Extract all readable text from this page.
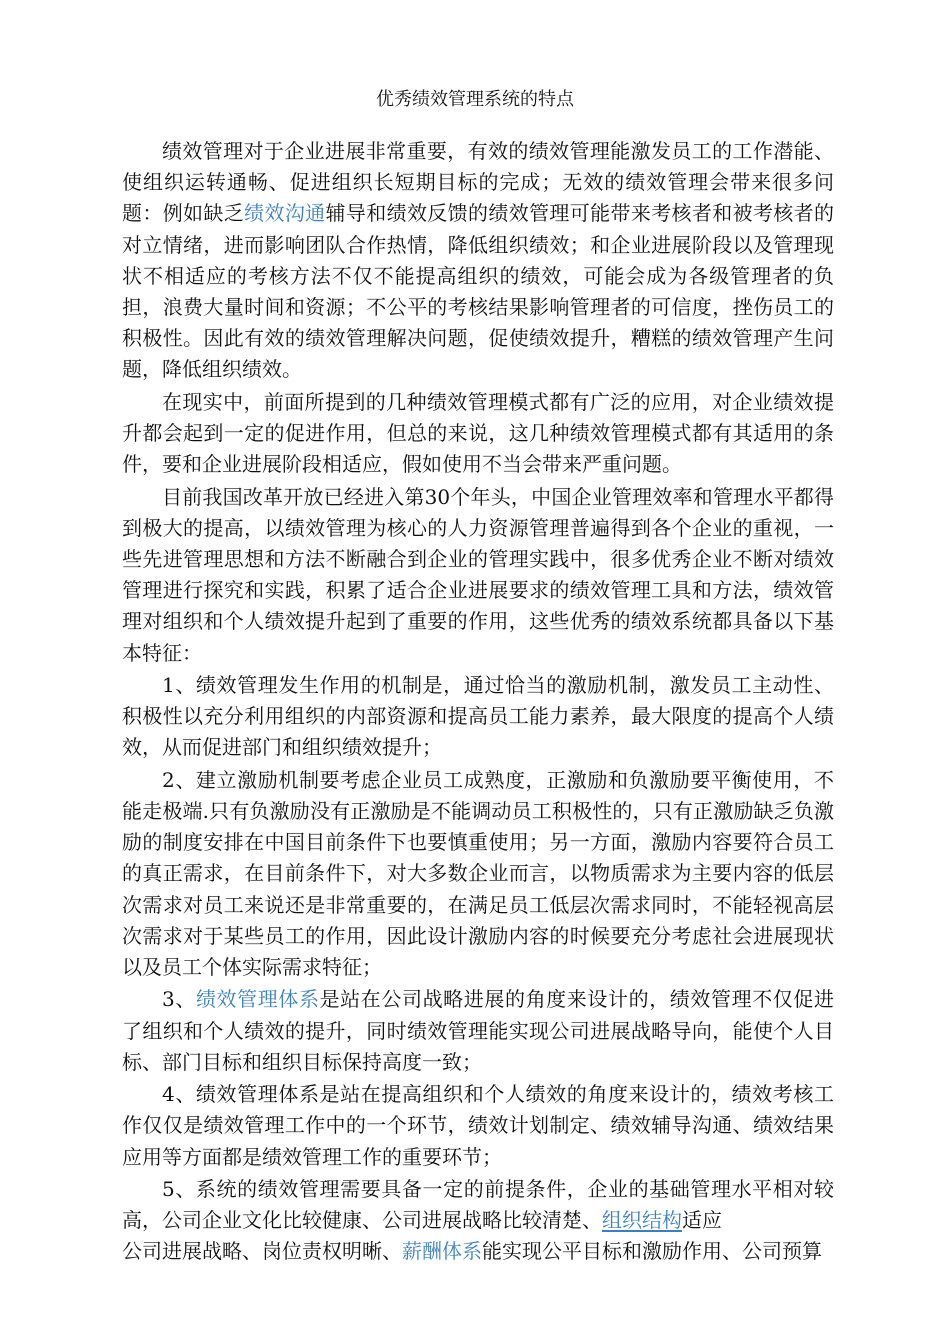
优秀绩效管理系统的特点

绩效管理对于企业进展非常重要，有效的绩效管理能激发员工的工作潜能、使组织运转通畅、促进组织长短期目标的完成；无效的绩效管理会带来很多问题：例如缺乏绩效沟通辅导和绩效反馈的绩效管理可能带来考核者和被考核者的对立情绪，进而影响团队合作热情，降低组织绩效；和企业进展阶段以及管理现状不相适应的考核方法不仅不能提高组织的绩效，可能会成为各级管理者的负担，浪费大量时间和资源；不公平的考核结果影响管理者的可信度，挫伤员工的积极性。因此有效的绩效管理解决问题，促使绩效提升，糟糕的绩效管理产生问题，降低组织绩效。

在现实中，前面所提到的几种绩效管理模式都有广泛的应用，对企业绩效提升都会起到一定的促进作用，但总的来说，这几种绩效管理模式都有其适用的条件，要和企业进展阶段相适应，假如使用不当会带来严重问题。

目前我国改革开放已经进入第30个年头，中国企业管理效率和管理水平都得到极大的提高，以绩效管理为核心的人力资源管理普遍得到各个企业的重视，一些先进管理思想和方法不断融合到企业的管理实践中，很多优秀企业不断对绩效管理进行探究和实践，积累了适合企业进展要求的绩效管理工具和方法，绩效管理对组织和个人绩效提升起到了重要的作用，这些优秀的绩效系统都具备以下基本特征：

1、绩效管理发生作用的机制是，通过恰当的激励机制，激发员工主动性、积极性以充分利用组织的内部资源和提高员工能力素养，最大限度的提高个人绩效，从而促进部门和组织绩效提升；

2、建立激励机制要考虑企业员工成熟度，正激励和负激励要平衡使用，不能走极端.只有负激励没有正激励是不能调动员工积极性的，只有正激励缺乏负激励的制度安排在中国目前条件下也要慎重使用；另一方面，激励内容要符合员工的真正需求，在目前条件下，对大多数企业而言，以物质需求为主要内容的低层次需求对员工来说还是非常重要的，在满足员工低层次需求同时，不能轻视高层次需求对于某些员工的作用，因此设计激励内容的时候要充分考虑社会进展现状以及员工个体实际需求特征；

3、绩效管理体系是站在公司战略进展的角度来设计的，绩效管理不仅促进了组织和个人绩效的提升，同时绩效管理能实现公司进展战略导向，能使个人目标、部门目标和组织目标保持高度一致；

4、绩效管理体系是站在提高组织和个人绩效的角度来设计的，绩效考核工作仅仅是绩效管理工作中的一个环节，绩效计划制定、绩效辅导沟通、绩效结果应用等方面都是绩效管理工作的重要环节；

5、系统的绩效管理需要具备一定的前提条件，企业的基础管理水平相对较高，公司企业文化比较健康、公司进展战略比较清楚、组织结构适应
公司进展战略、岗位责权明晰、薪酬体系能实现公平目标和激励作用、公司预算
